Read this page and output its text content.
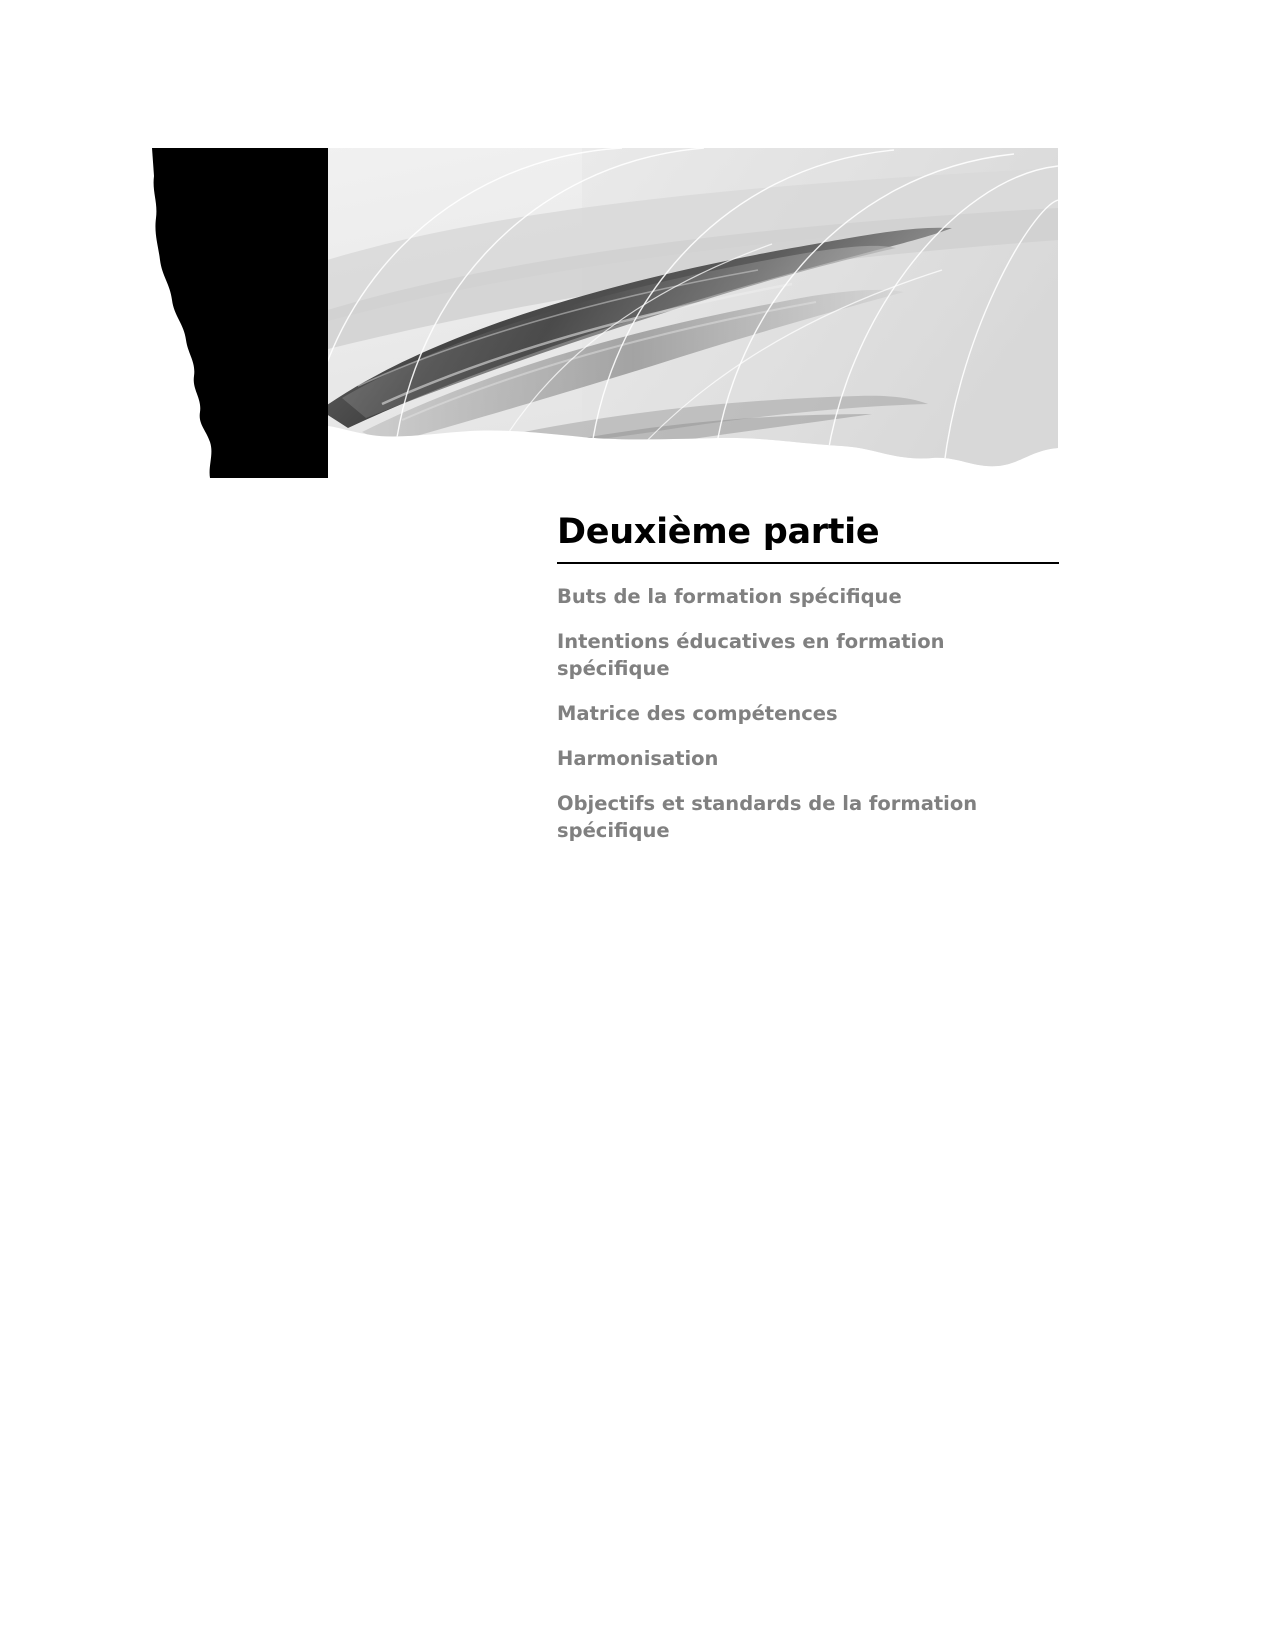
Deuxième partie
Buts de la formation spécifique
Intentions éducatives en formation spécifique
Matrice des compétences
Harmonisation
Objectifs et standards de la formation spécifique
